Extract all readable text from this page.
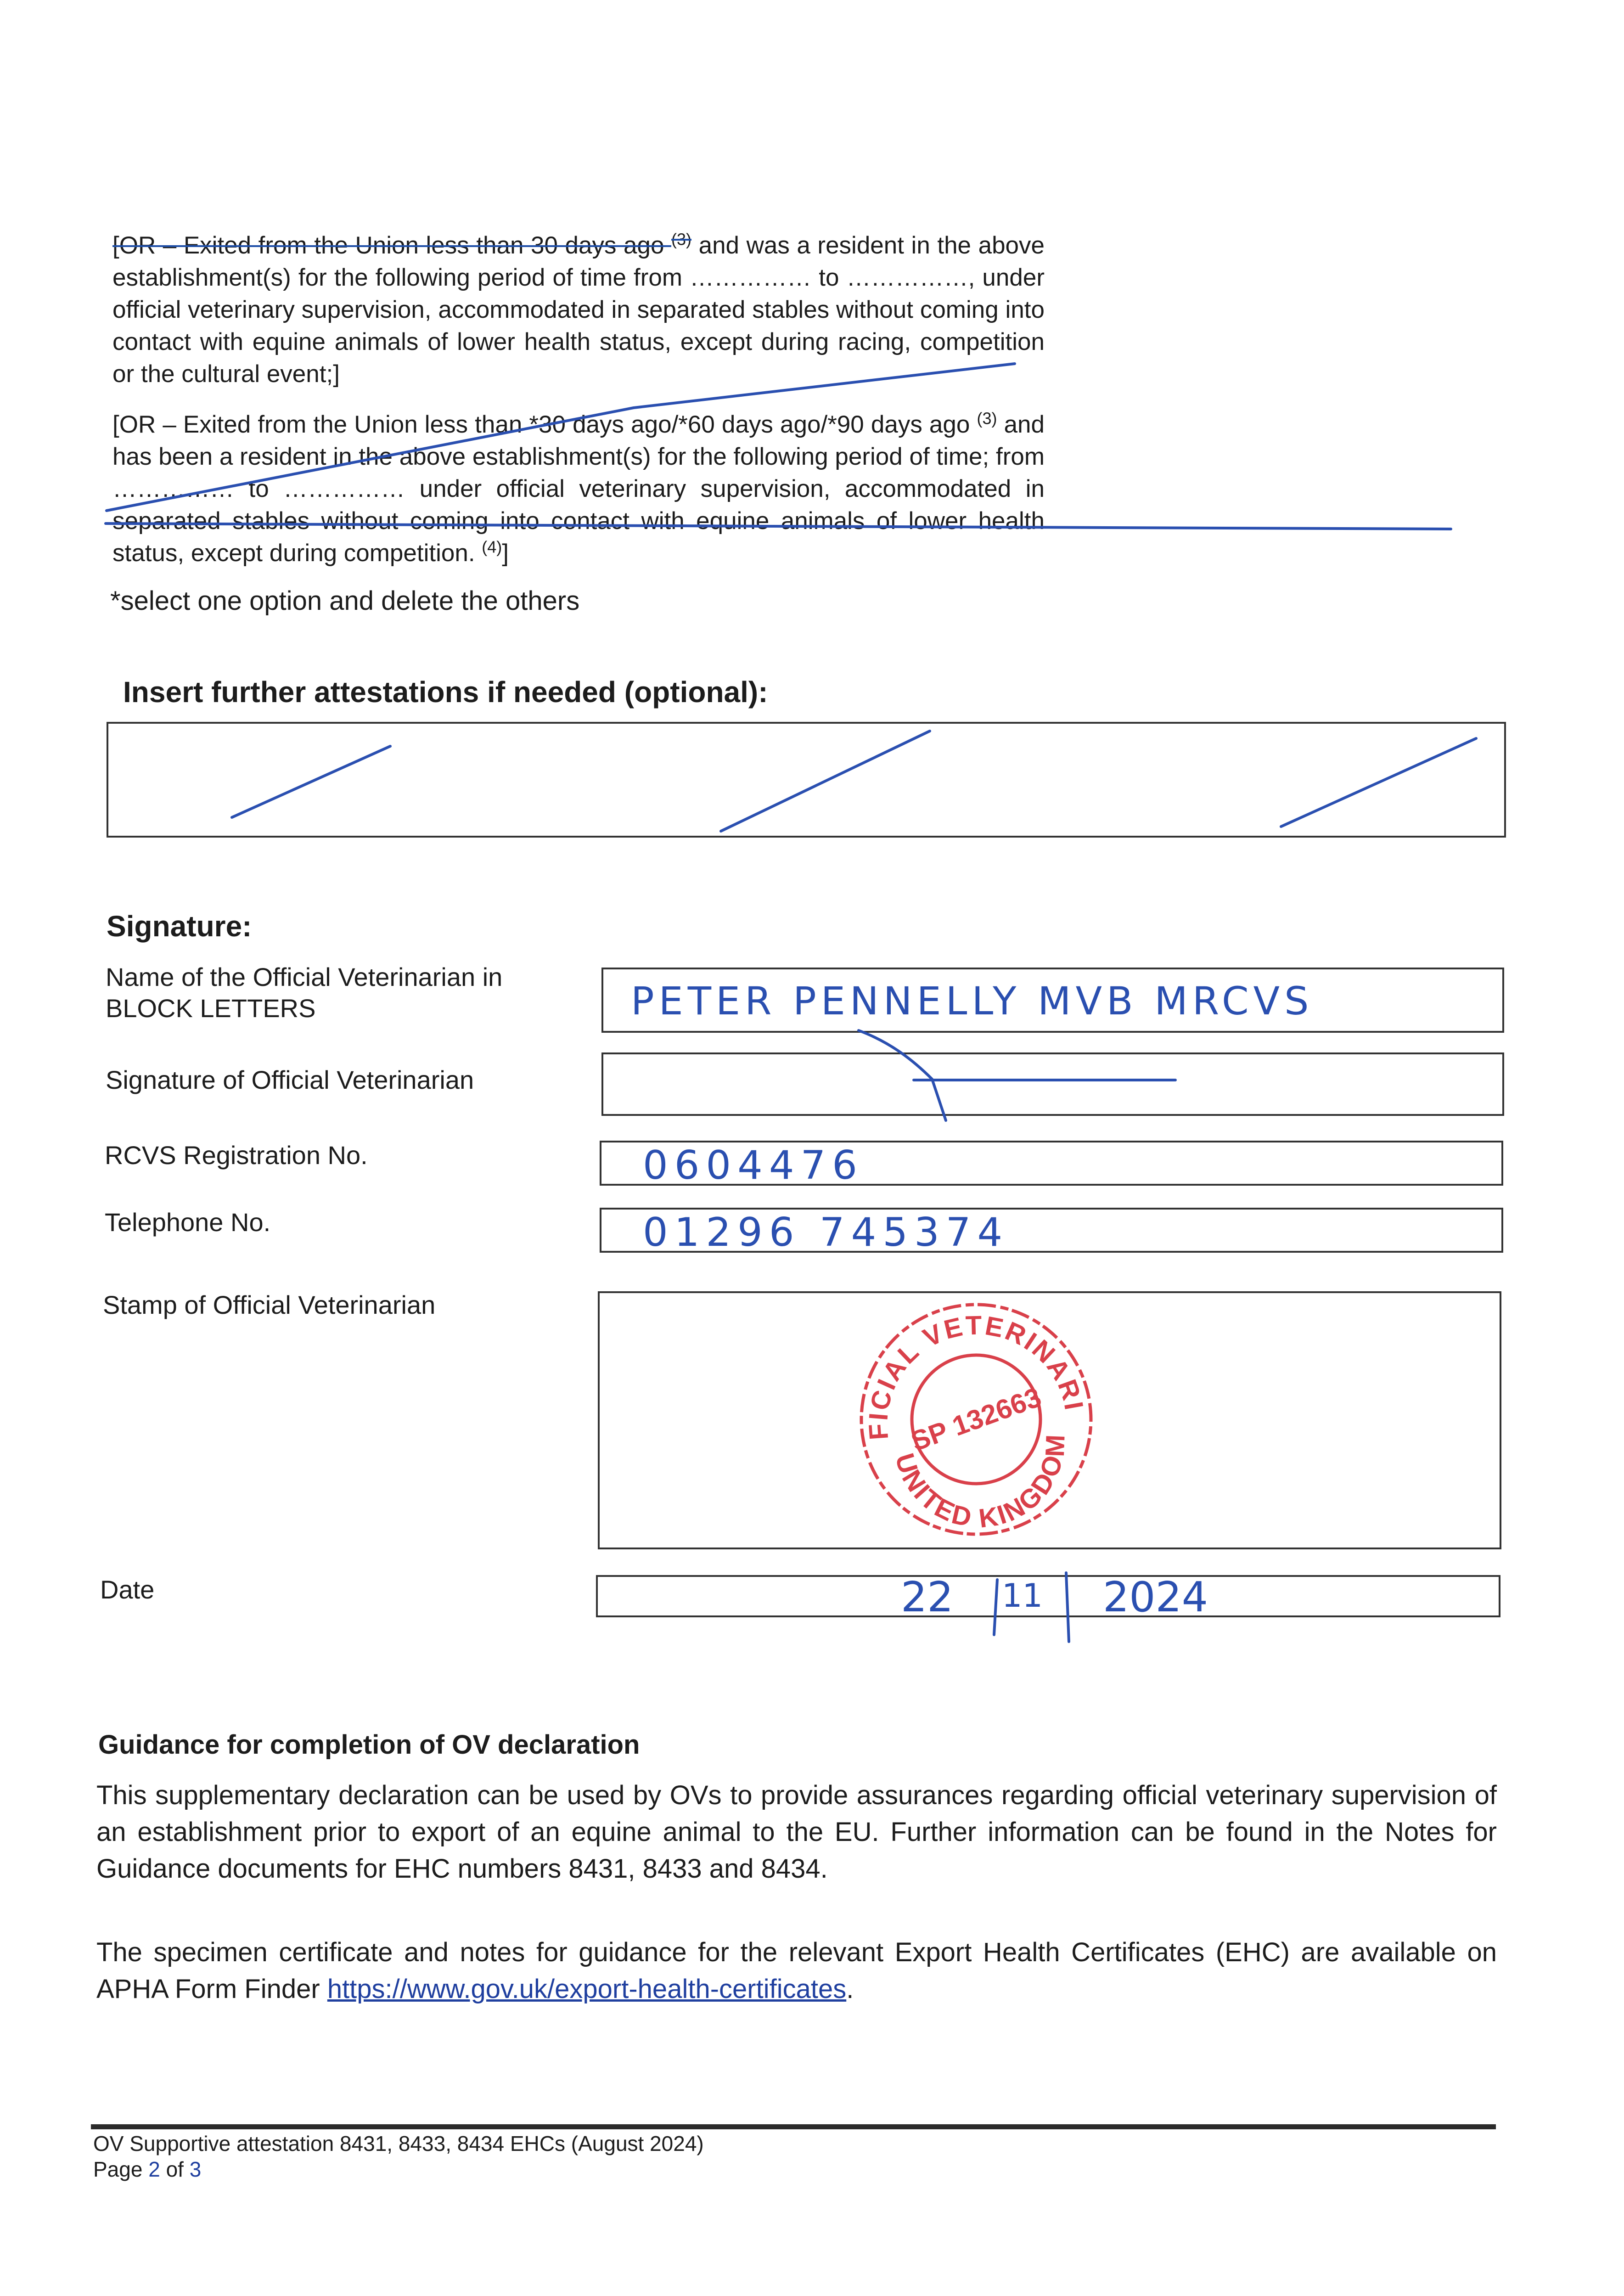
[OR – Exited from the Union less than 30 days ago $^{(3)}$ and was a resident in the above establishment(s) for the following period of time from …………… to ……………, under official veterinary supervision, accommodated in separated stables without coming into contact with equine animals of lower health status, except during racing, competition or the cultural event;]
[OR – Exited from the Union less than *30 days ago/*60 days ago/*90 days ago $^{(3)}$ and has been a resident in the above establishment(s) for the following period of time; from …………… to …………… under official veterinary supervision, accommodated in separated stables without coming into contact with equine animals of lower health status, except during competition. $^{(4)}$]
*select one option and delete the others
Insert further attestations if needed (optional):
Signature:
Name of the Official Veterinarian in BLOCK LETTERS	PETER PENNELLY MVB MRCVS
Signature of Official Veterinarian
RCVS Registration No.	0604476
Telephone No.	01296 745374
Stamp of Official Veterinarian	OFFICIAL VETERINARIAN
UNITED KINGDOM
SP 132663
Date	22 11 2024
Guidance for completion of OV declaration
This supplementary declaration can be used by OVs to provide assurances regarding official veterinary supervision of an establishment prior to export of an equine animal to the EU. Further information can be found in the Notes for Guidance documents for EHC numbers 8431, 8433 and 8434.
The specimen certificate and notes for guidance for the relevant Export Health Certificates (EHC) are available on APHA Form Finder https://www.gov.uk/export-health-certificates.
OV Supportive attestation 8431, 8433, 8434 EHCs (August 2024)
Page 2 of 3
